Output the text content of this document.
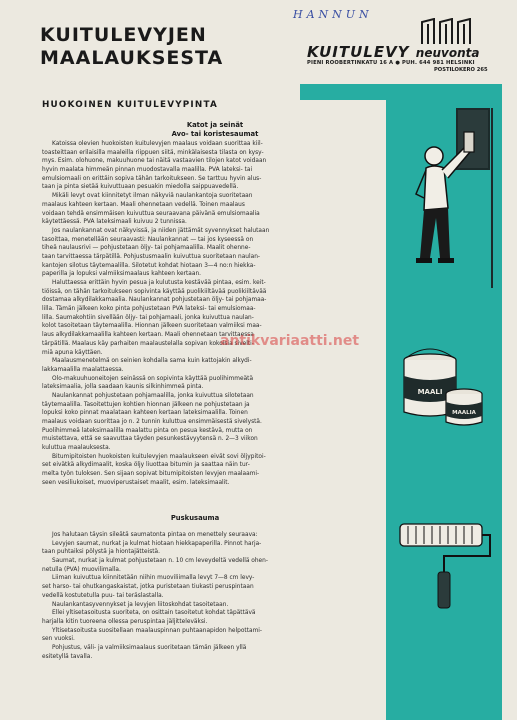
KUITULEVYJEN
MAALAUKSESTA
HANNUN
KUITULEVY neuvonta
PIENI ROOBERTINKATU 16 A ● PUH. 644 981 HELSINKI
POSTILOKERO 265
HUOKOINEN KUITULEVYPINTA
Katot ja seinät
Avo- tai koristesaumat
Katoissa olevien huokoisten kuitulevyjen maalaus voidaan suorittaa kiil-
toasteittaan erilaisilla maaleilla riippuen siitä, minkälaisesta tilasta on kysy-
mys. Esim. olohuone, makuuhuone tai näitä vastaavien tilojen katot voidaan
hyvin maalata himmeän pinnan muodostavalla maalilla. PVA lateksi- tai
emulsiomaali on erittäin sopiva tähän tarkoitukseen. Se tarttuu hyvin alus-
taan ja pinta sietää kuivuttuaan pesuakin miedolla saippuavedellä.
Mikäli levyt ovat kiinnitetyt ilman näkyviä naulankantoja suoritetaan
maalaus kahteen kertaan. Maali ohennetaan vedellä. Toinen maalaus
voidaan tehdä ensimmäisen kuivuttua seuraavana päivänä emulsiomaalia
käytettäessä. PVA lateksimaali kuivuu 2 tunnissa.
Jos naulankannat ovat näkyvissä, ja niiden jättämät syvennykset halutaan
tasoittaa, menetellään seuraavasti: Naulankannat — tai jos kyseessä on
tiheä naulausrivi — pohjustetaan öljy- tai pohjamaalilla. Maalit ohenne-
taan tarvittaessa tärpätillä. Pohjustusmaalin kuivuttua suoritetaan naulan-
kantojen silotus täytemaalilla. Silotetut kohdat hiotaan 3—4 no:n hiekka-
paperilla ja lopuksi valmiiksimaalaus kahteen kertaan.
Haluttaessa erittäin hyvin pesua ja kulutusta kestävää pintaa, esim. keit-
tiöissä, on tähän tarkoitukseen sopivinta käyttää puolikiiltävää puolikiiltävää
dostamaa alkydilakkamaalia. Naulankannat pohjustetaan öljy- tai pohjamaa-
lilla. Tämän jälkeen koko pinta pohjustetaan PVA lateksi- tai emulsiomaa-
lilla. Saumakohtiin sivellään öljy- tai pohjamaali, jonka kuivuttua naulan-
kolot tasoitetaan täytemaalilla. Hionnan jälkeen suoritetaan valmiiksi maa-
laus alkydilakkamaalilla kahteen kertaan. Maali ohennetaan tarvittaessa
tärpätillä. Maalaus käy parhaiten maalaustelalla sopivan kokoisia sivelti-
miä apuna käyttäen.
Maalausmenetelmä on seinien kohdalla sama kuin kattojakin alkydi-
lakkamaalilla maalattaessa.
Olo-makuuhuoneitojen seinässä on sopivinta käyttää puolihimmeätä
lateksimaalia, jolla saadaan kaunis silkinhimmeä pinta.
Naulankannat pohjustetaan pohjamaalilla, jonka kuivuttua silotetaan
täytemaalilla. Tasoitettujen kohtien hionnan jälkeen ne pohjustetaan ja
lopuksi koko pinnat maalataan kahteen kertaan lateksimaalilla. Toinen
maalaus voidaan suorittaa jo n. 2 tunnin kuluttua ensimmäisestä sivelystä.
Puolihimmeä lateksimaalilla maalattu pinta on pesua kestävä, mutta on
muistettava, että se saavuttaa täyden pesunkestävyytensä n. 2—3 viikon
kuluttua maalauksesta.
Bitumipitoisten huokoisten kuitulevyjen maalaukseen eivät sovi öljypitoi-
set eivätkä alkydimaalit, koska öljy liuottaa bitumin ja saattaa näin tur-
melta työn tuloksen. Sen sijaan sopivat bitumipitoisten levyjen maalaami-
seen vesiliukoiset, muoviperustaiset maalit, esim. lateksimaalit.
Puskusauma
Jos halutaan täysin sileätä saumatonta pintaa on menettely seuraava:
Levyjen saumat, nurkat ja kulmat hiotaan hiekkapaperilla. Pinnot harja-
taan puhtaiksi pölystä ja hiontajätteistä.
Saumat, nurkat ja kulmat pohjustetaan n. 10 cm leveydeltä vedellä ohen-
netulla (PVA) muovilimalla.
Liiman kuivuttua kiinnitetään niihin muoviliimalla levyt 7—8 cm levy-
set harso- tai ohutkangaskaistat, jotka puristetaan tiukasti peruspintaan
vedellä kostutetulla puu- tai teräslastalla.
Naulankantasyvennykset ja levyjen liitoskohdat tasoitetaan.
Ellei yltisetasoitusta suoriteta, on osittain tasoitetut kohdat täpättävä
harjalla kitin tuoreena ollessa peruspintaa jäljitteleväksi.
Yltisetasoitusta suositellaan maalauspinnan puhtaanapidon helpottami-
sen vuoksi.
Pohjustus, väli- ja valmiiksimaalaus suoritetaan tämän jälkeen yllä
esitetyllä tavalla.
antikvariaatti.net
MAALI
MAALIA
